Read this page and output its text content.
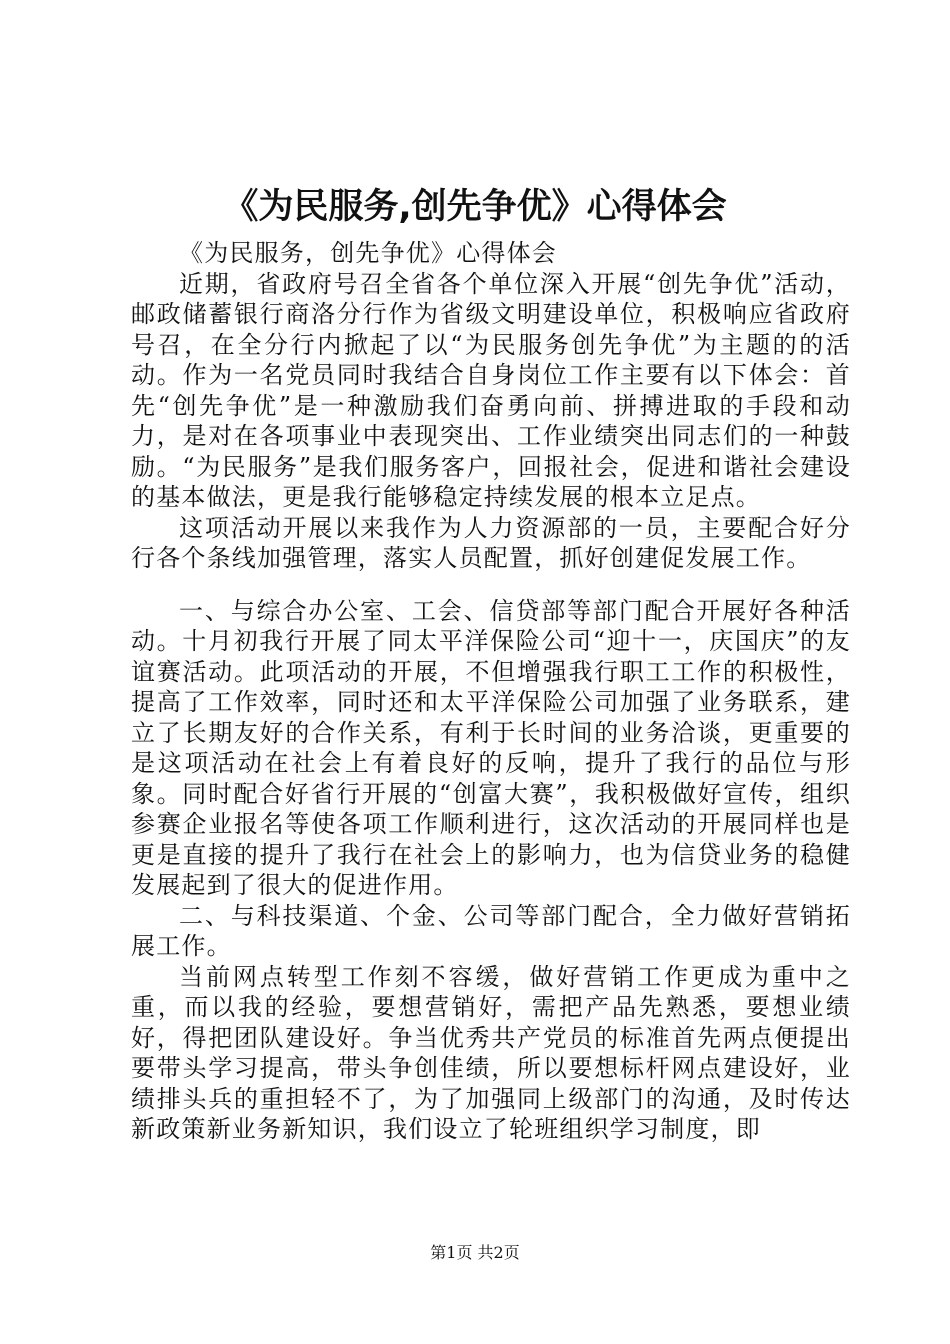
《为民服务,创先争优》心得体会

《为民服务，创先争优》心得体会

近期，省政府号召全省各个单位深入开展“创先争优”活动，邮政储蓄银行商洛分行作为省级文明建设单位，积极响应省政府号召，在全分行内掀起了以“为民服务创先争优”为主题的的活动。作为一名党员同时我结合自身岗位工作主要有以下体会：首先“创先争优”是一种激励我们奋勇向前、拼搏进取的手段和动力，是对在各项事业中表现突出、工作业绩突出同志们的一种鼓励。“为民服务”是我们服务客户，回报社会，促进和谐社会建设的基本做法，更是我行能够稳定持续发展的根本立足点。

这项活动开展以来我作为人力资源部的一员，主要配合好分行各个条线加强管理，落实人员配置，抓好创建促发展工作。

一、与综合办公室、工会、信贷部等部门配合开展好各种活动。十月初我行开展了同太平洋保险公司“迎十一，庆国庆”的友谊赛活动。此项活动的开展，不但增强我行职工工作的积极性，提高了工作效率，同时还和太平洋保险公司加强了业务联系，建立了长期友好的合作关系，有利于长时间的业务洽谈，更重要的是这项活动在社会上有着良好的反响，提升了我行的品位与形象。同时配合好省行开展的“创富大赛”，我积极做好宣传，组织参赛企业报名等使各项工作顺利进行，这次活动的开展同样也是更是直接的提升了我行在社会上的影响力，也为信贷业务的稳健发展起到了很大的促进作用。

二、与科技渠道、个金、公司等部门配合，全力做好营销拓展工作。

当前网点转型工作刻不容缓，做好营销工作更成为重中之重，而以我的经验，要想营销好，需把产品先熟悉，要想业绩好，得把团队建设好。争当优秀共产党员的标准首先两点便提出要带头学习提高，带头争创佳绩，所以要想标杆网点建设好，业绩排头兵的重担轻不了，为了加强同上级部门的沟通，及时传达新政策新业务新知识，我们设立了轮班组织学习制度，即

第1页 共2页
